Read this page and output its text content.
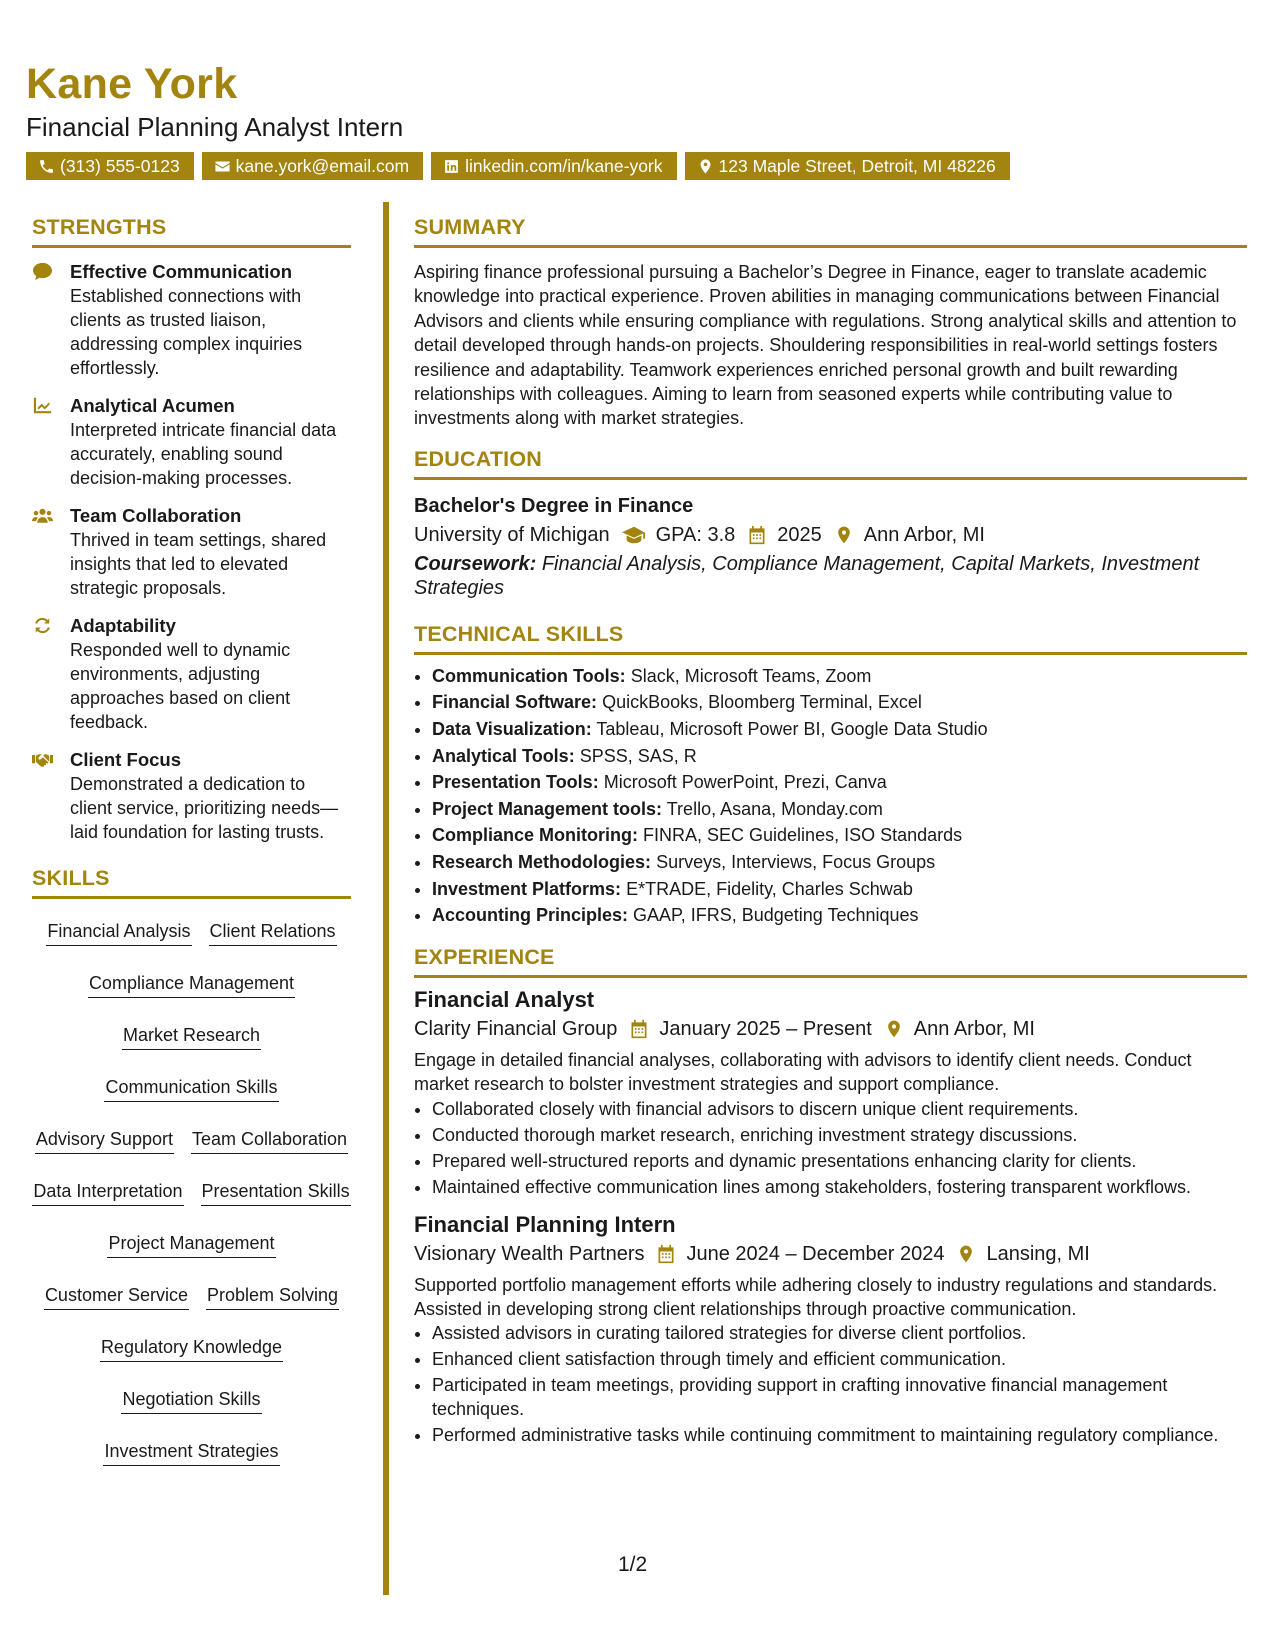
Kane York
Financial Planning Analyst Intern
(313) 555-0123	kane.york@email.com	linkedin.com/in/kane-york	123 Maple Street, Detroit, MI 48226
STRENGTHS
Effective Communication
Established connections with clients as trusted liaison, addressing complex inquiries effortlessly.
Analytical Acumen
Interpreted intricate financial data accurately, enabling sound decision-making processes.
Team Collaboration
Thrived in team settings, shared insights that led to elevated strategic proposals.
Adaptability
Responded well to dynamic environments, adjusting approaches based on client feedback.
Client Focus
Demonstrated a dedication to client service, prioritizing needs—laid foundation for lasting trusts.
SKILLS
Financial Analysis Client Relations
Compliance Management
Market Research
Communication Skills
Advisory Support Team Collaboration
Data Interpretation Presentation Skills
Project Management
Customer Service Problem Solving
Regulatory Knowledge
Negotiation Skills
Investment Strategies
SUMMARY
Aspiring finance professional pursuing a Bachelor’s Degree in Finance, eager to translate academic knowledge into practical experience. Proven abilities in managing communications between Financial Advisors and clients while ensuring compliance with regulations. Strong analytical skills and attention to detail developed through hands-on projects. Shouldering responsibilities in real-world settings fosters resilience and adaptability. Teamwork experiences enriched personal growth and built rewarding relationships with colleagues. Aiming to learn from seasoned experts while contributing value to investments along with market strategies.
EDUCATION
Bachelor's Degree in Finance
University of Michigan GPA: 3.8 2025 Ann Arbor, MI
Coursework: Financial Analysis, Compliance Management, Capital Markets, Investment Strategies
TECHNICAL SKILLS
• Communication Tools: Slack, Microsoft Teams, Zoom
• Financial Software: QuickBooks, Bloomberg Terminal, Excel
• Data Visualization: Tableau, Microsoft Power BI, Google Data Studio
• Analytical Tools: SPSS, SAS, R
• Presentation Tools: Microsoft PowerPoint, Prezi, Canva
• Project Management tools: Trello, Asana, Monday.com
• Compliance Monitoring: FINRA, SEC Guidelines, ISO Standards
• Research Methodologies: Surveys, Interviews, Focus Groups
• Investment Platforms: E*TRADE, Fidelity, Charles Schwab
• Accounting Principles: GAAP, IFRS, Budgeting Techniques
EXPERIENCE
Financial Analyst
Clarity Financial Group January 2025 – Present Ann Arbor, MI
Engage in detailed financial analyses, collaborating with advisors to identify client needs. Conduct market research to bolster investment strategies and support compliance.
• Collaborated closely with financial advisors to discern unique client requirements.
• Conducted thorough market research, enriching investment strategy discussions.
• Prepared well-structured reports and dynamic presentations enhancing clarity for clients.
• Maintained effective communication lines among stakeholders, fostering transparent workflows.
Financial Planning Intern
Visionary Wealth Partners June 2024 – December 2024 Lansing, MI
Supported portfolio management efforts while adhering closely to industry regulations and standards. Assisted in developing strong client relationships through proactive communication.
• Assisted advisors in curating tailored strategies for diverse client portfolios.
• Enhanced client satisfaction through timely and efficient communication.
• Participated in team meetings, providing support in crafting innovative financial management techniques.
• Performed administrative tasks while continuing commitment to maintaining regulatory compliance.
1/2
